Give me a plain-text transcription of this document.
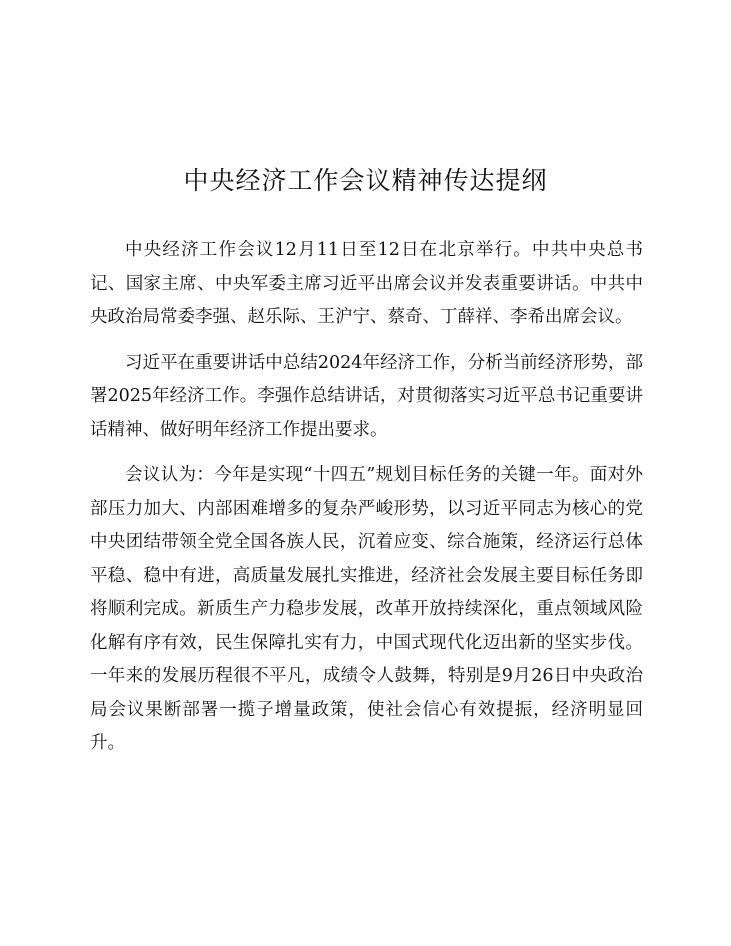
中央经济工作会议精神传达提纲

中央经济工作会议12月11日至12日在北京举行。中共中央总书记、国家主席、中央军委主席习近平出席会议并发表重要讲话。中共中央政治局常委李强、赵乐际、王沪宁、蔡奇、丁薛祥、李希出席会议。

习近平在重要讲话中总结2024年经济工作，分析当前经济形势，部署2025年经济工作。李强作总结讲话，对贯彻落实习近平总书记重要讲话精神、做好明年经济工作提出要求。

会议认为：今年是实现“十四五”规划目标任务的关键一年。面对外部压力加大、内部困难增多的复杂严峻形势，以习近平同志为核心的党中央团结带领全党全国各族人民，沉着应变、综合施策，经济运行总体平稳、稳中有进，高质量发展扎实推进，经济社会发展主要目标任务即将顺利完成。新质生产力稳步发展，改革开放持续深化，重点领域风险化解有序有效，民生保障扎实有力，中国式现代化迈出新的坚实步伐。一年来的发展历程很不平凡，成绩令人鼓舞，特别是9月26日中央政治局会议果断部署一揽子增量政策，使社会信心有效提振，经济明显回升。
